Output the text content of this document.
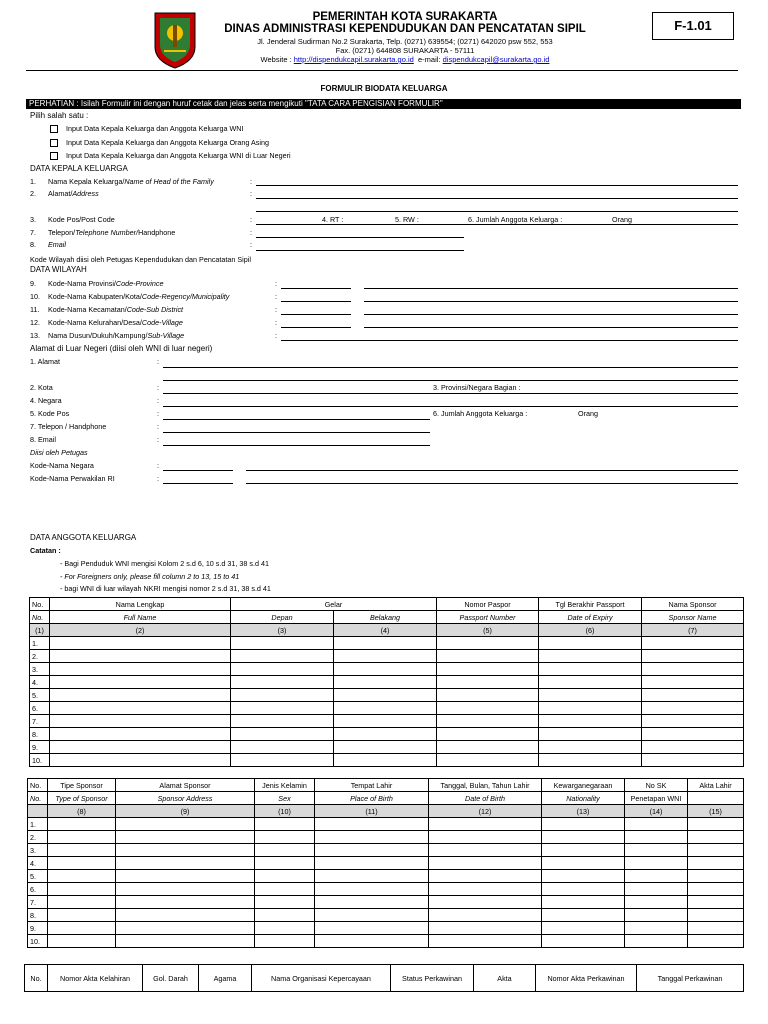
PEMERINTAH KOTA SURAKARTA
DINAS ADMINISTRASI KEPENDUDUKAN DAN PENCATATAN SIPIL
Jl. Jenderal Sudirman No.2 Surakarta, Telp. (0271) 639554; (0271) 642020 psw 552, 553
Fax. (0271) 644808 SURAKARTA - 57111
Website : http://dispendukcapil.surakarta.go.id e-mail: dispendukcapil@surakarta.go.id
F-1.01
FORMULIR BIODATA KELUARGA
PERHATIAN : Isilah Formulir ini dengan huruf cetak dan jelas serta mengikuti "TATA CARA PENGISIAN FORMULIR"
Pilih salah satu :
Input Data Kepala Keluarga dan Anggota Keluarga WNI
Input Data Kepala Keluarga dan Anggota Keluarga Orang Asing
Input Data Kepala Keluarga dan Anggota Keluarga WNI di Luar Negeri
DATA KEPALA KELUARGA
1. Nama Kepala Keluarga/Name of Head of the Family	:
2. Alamat/Address	:
3. Kode Pos/Post Code	:	4. RT :	5. RW :	6. Jumlah Anggota Keluarga :	Orang
7. Telepon/Telephone Number/Handphone	:
8. Email	:
Kode Wilayah diisi oleh Petugas Kependudukan dan Pencatatan Sipil
DATA WILAYAH
9. Kode-Nama Provinsi/Code-Province	:
10. Kode-Nama Kabupaten/Kota/Code-Regency/Municipality	:
11. Kode-Nama Kecamatan/Code-Sub District	:
12. Kode-Nama Kelurahan/Desa/Code-Village	:
13. Nama Dusun/Dukuh/Kampung/Sub-Village	:
Alamat di Luar Negeri (diisi oleh WNI di luar negeri)
1. Alamat	:
2. Kota	:	3. Provinsi/Negara Bagian :
4. Negara	:
5. Kode Pos	:	6. Jumlah Anggota Keluarga :	Orang
7. Telepon / Handphone	:
8. Email	:
Diisi oleh Petugas
Kode-Nama Negara	:
Kode-Nama Perwakilan RI	:
DATA ANGGOTA KELUARGA
Catatan :
- Bagi Penduduk WNI mengisi Kolom 2 s.d 6, 10 s.d 31, 38 s.d 41
- For Foreigners only, please fill column 2 to 13, 15 to 41
- bagi WNI di luar wilayah NKRI mengisi nomor 2 s.d 31, 38 s.d 41
No.	Nama Lengkap	Gelar		Nomor Paspor	Tgl Berakhir Passport	Nama Sponsor
No.	Full Name	Depan	Belakang	Passport Number	Date of Expiry	Sponsor Name
(1)	(2)	(3)	(4)	(5)	(6)	(7)
1.						
2.						
3.						
4.						
5.						
6.						
7.						
8.						
9.						
10.						
No.	Tipe Sponsor	Alamat Sponsor	Jenis Kelamin	Tempat Lahir	Tanggal, Bulan, Tahun Lahir	Kewarganegaraan	No SK	Akta Lahir
No.	Type of Sponsor	Sponsor Address	Sex	Place of Birth	Date of Birth	Nationality	Penetapan WNI	
	(8)	(9)	(10)	(11)	(12)	(13)	(14)	(15)
1.								
2.								
3.								
4.								
5.								
6.								
7.								
8.								
9.								
10.								
No.	Nomor Akta Kelahiran	Gol. Darah	Agama	Nama Organisasi Kepercayaan	Status Perkawinan	Akta	Nomor Akta Perkawinan	Tanggal Perkawinan
